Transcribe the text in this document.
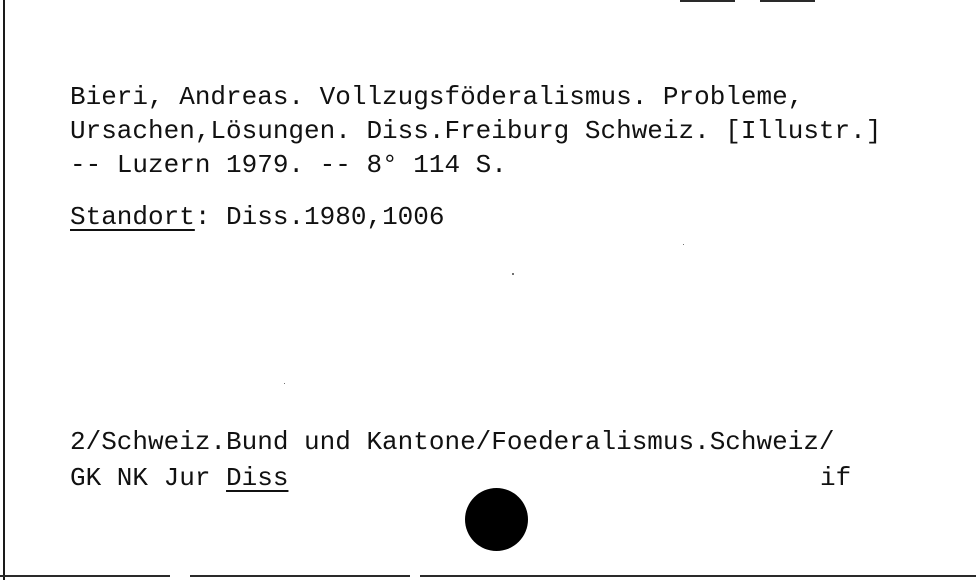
Bieri, Andreas. Vollzugsföderalismus. Probleme,
Ursachen,Lösungen. Diss.Freiburg Schweiz. [Illustr.]
-- Luzern 1979. -- 8° 114 S.
Standort: Diss.1980,1006
2/Schweiz.Bund und Kantone/Foederalismus.Schweiz/
GK NK Jur Diss	if
